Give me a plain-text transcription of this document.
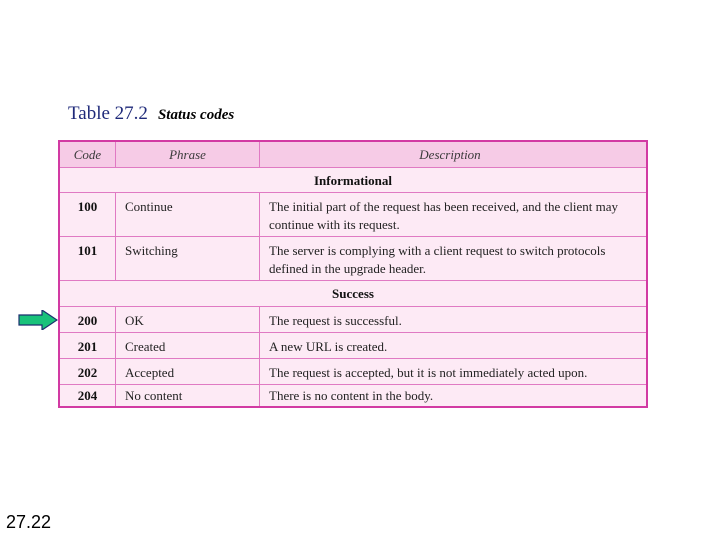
Table 27.2 Status codes
Code	Phrase	Description
Informational
100	Continue	The initial part of the request has been received, and the client may continue with its request.
101	Switching	The server is complying with a client request to switch protocols defined in the upgrade header.
Success
200	OK	The request is successful.
201	Created	A new URL is created.
202	Accepted	The request is accepted, but it is not immediately acted upon.
204	No content	There is no content in the body.
27.22
